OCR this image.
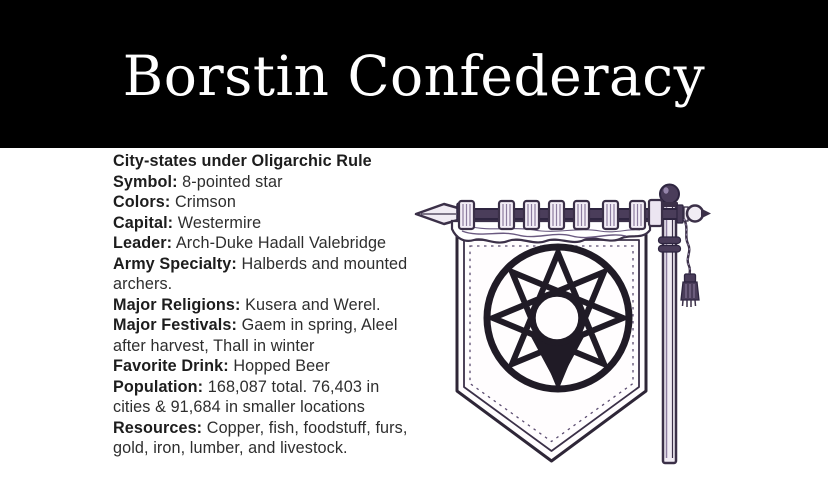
Borstin Confederacy

City-states under Oligarchic Rule

Symbol: 8-pointed star

Colors: Crimson

Capital: Westermire

Leader: Arch-Duke Hadall Valebridge

Army Specialty: Halberds and mounted archers.

Major Religions: Kusera and Werel.

Major Festivals: Gaem in spring, Aleel after harvest, Thall in winter

Favorite Drink: Hopped Beer

Population: 168,087 total. 76,403 in cities & 91,684 in smaller locations

Resources: Copper, fish, foodstuff, furs, gold, iron, lumber, and livestock.
